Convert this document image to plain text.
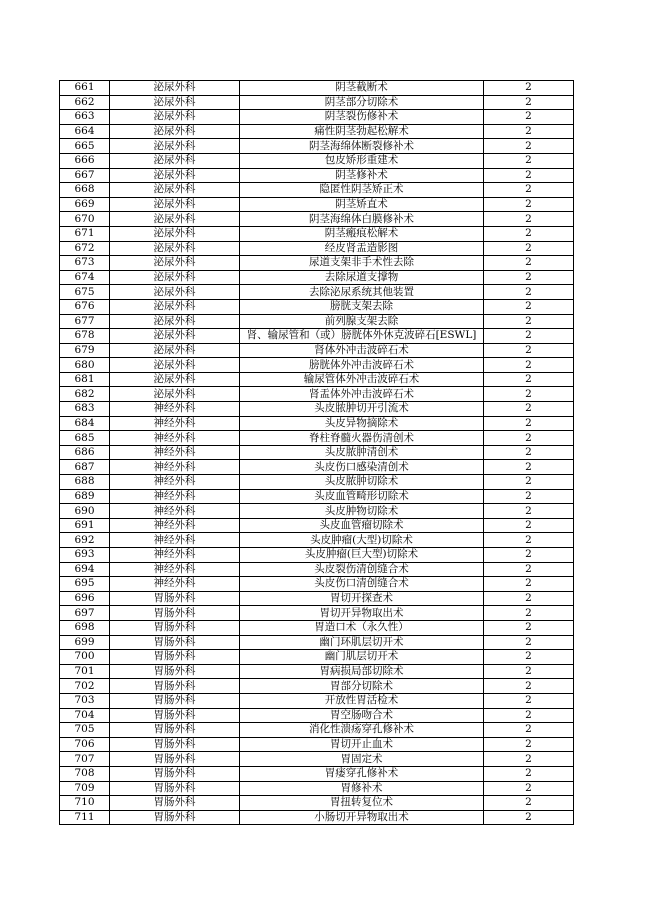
661	泌尿外科	阴茎截断术	2
662	泌尿外科	阴茎部分切除术	2
663	泌尿外科	阴茎裂伤修补术	2
664	泌尿外科	痛性阴茎勃起松解术	2
665	泌尿外科	阴茎海绵体断裂修补术	2
666	泌尿外科	包皮矫形重建术	2
667	泌尿外科	阴茎修补术	2
668	泌尿外科	隐匿性阴茎矫正术	2
669	泌尿外科	阴茎矫直术	2
670	泌尿外科	阴茎海绵体白膜修补术	2
671	泌尿外科	阴茎瘢痕松解术	2
672	泌尿外科	经皮肾盂造影图	2
673	泌尿外科	尿道支架非手术性去除	2
674	泌尿外科	去除尿道支撑物	2
675	泌尿外科	去除泌尿系统其他装置	2
676	泌尿外科	膀胱支架去除	2
677	泌尿外科	前列腺支架去除	2
678	泌尿外科	肾、输尿管和（或）膀胱体外休克波碎石[ESWL]	2
679	泌尿外科	肾体外冲击波碎石术	2
680	泌尿外科	膀胱体外冲击波碎石术	2
681	泌尿外科	输尿管体外冲击波碎石术	2
682	泌尿外科	肾盂体外冲击波碎石术	2
683	神经外科	头皮脓肿切开引流术	2
684	神经外科	头皮异物摘除术	2
685	神经外科	脊柱脊髓火器伤清创术	2
686	神经外科	头皮脓肿清创术	2
687	神经外科	头皮伤口感染清创术	2
688	神经外科	头皮脓肿切除术	2
689	神经外科	头皮血管畸形切除术	2
690	神经外科	头皮肿物切除术	2
691	神经外科	头皮血管瘤切除术	2
692	神经外科	头皮肿瘤(大型)切除术	2
693	神经外科	头皮肿瘤(巨大型)切除术	2
694	神经外科	头皮裂伤清创缝合术	2
695	神经外科	头皮伤口清创缝合术	2
696	胃肠外科	胃切开探查术	2
697	胃肠外科	胃切开异物取出术	2
698	胃肠外科	胃造口术（永久性）	2
699	胃肠外科	幽门环肌层切开术	2
700	胃肠外科	幽门肌层切开术	2
701	胃肠外科	胃病损局部切除术	2
702	胃肠外科	胃部分切除术	2
703	胃肠外科	开放性胃活检术	2
704	胃肠外科	胃空肠吻合术	2
705	胃肠外科	消化性溃疡穿孔修补术	2
706	胃肠外科	胃切开止血术	2
707	胃肠外科	胃固定术	2
708	胃肠外科	胃瘘穿孔修补术	2
709	胃肠外科	胃修补术	2
710	胃肠外科	胃扭转复位术	2
711	胃肠外科	小肠切开异物取出术	2
